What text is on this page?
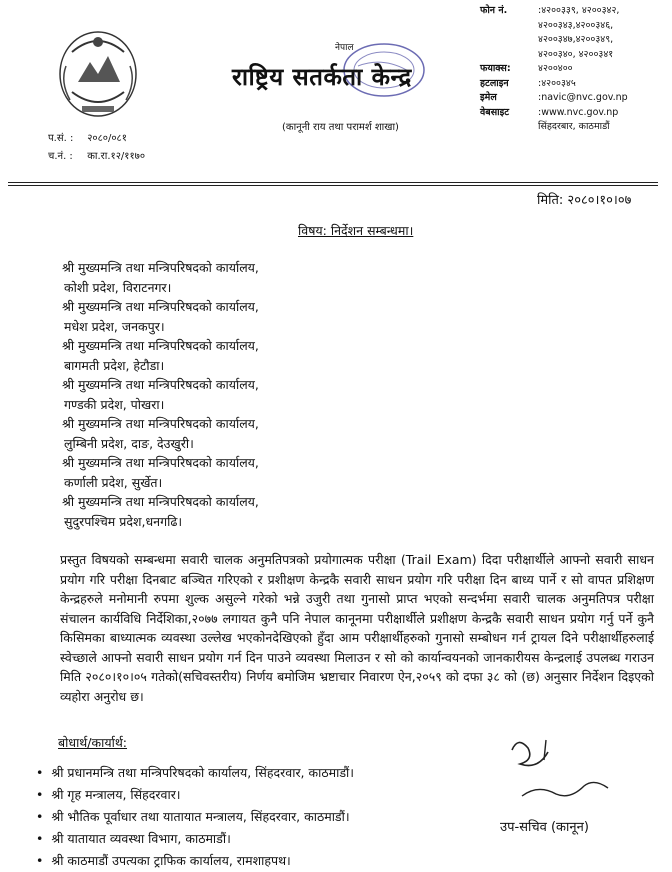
नेपाल
राष्ट्रिय सतर्कता केन्द्र
(कानूनी राय तथा परामर्श शाखा)
फोन नं.	:४२००३३९, ४२००३४२,
४२००३४३,४२००३४६,
४२००३४७,४२००३४९,
४२००३४०, ४२००३४१
फयाक्स:	४२००४००
हटलाइन	:४२००३४५
इमेल	:navic@nvc.gov.np
वेबसाइट	:www.nvc.gov.np
सिंहदरबार, काठमाडौं
प.सं. : २०८०/०८१
च.नं. : का.रा.१२/११७०
मिति: २०८०।१०।०७
विषय: निर्देशन सम्बन्धमा।
श्री मुख्यमन्त्रि तथा मन्त्रिपरिषदको कार्यालय,
कोशी प्रदेश, विराटनगर।
श्री मुख्यमन्त्रि तथा मन्त्रिपरिषदको कार्यालय,
मधेश प्रदेश, जनकपुर।
श्री मुख्यमन्त्रि तथा मन्त्रिपरिषदको कार्यालय,
बागमती प्रदेश, हेटौडा।
श्री मुख्यमन्त्रि तथा मन्त्रिपरिषदको कार्यालय,
गण्डकी प्रदेश, पोखरा।
श्री मुख्यमन्त्रि तथा मन्त्रिपरिषदको कार्यालय,
लुम्बिनी प्रदेश, दाङ, देउखुरी।
श्री मुख्यमन्त्रि तथा मन्त्रिपरिषदको कार्यालय,
कर्णाली प्रदेश, सुर्खेत।
श्री मुख्यमन्त्रि तथा मन्त्रिपरिषदको कार्यालय,
सुदुरपश्चिम प्रदेश,धनगढि।

प्रस्तुत विषयको सम्बन्धमा सवारी चालक अनुमतिपत्रको प्रयोगात्मक परीक्षा (Trail Exam) दिदा परीक्षार्थीले आफ्नो सवारी साधन प्रयोग गरि परीक्षा दिनबाट बञ्चित गरिएको र प्रशीक्षण केन्द्रकै सवारी साधन प्रयोग गरि परीक्षा दिन बाध्य पार्ने र सो वापत प्रशिक्षण केन्द्रहरुले मनोमानी रुपमा शुल्क असुल्ने गरेको भन्ने उजुरी तथा गुनासो प्राप्त भएको सन्दर्भमा सवारी चालक अनुमतिपत्र परीक्षा संचालन कार्यविधि निर्देशिका,२०७७ लगायत कुनै पनि नेपाल कानूनमा परीक्षार्थीले प्रशीक्षण केन्द्रकै सवारी साधन प्रयोग गर्नु पर्ने कुनै किसिमका बाध्यात्मक व्यवस्था उल्लेख भएकोनदेखिएको हुँदा आम परीक्षार्थीहरुको गुनासो सम्बोधन गर्न ट्रायल दिने परीक्षार्थीहरुलाई स्वेच्छाले आफ्नो सवारी साधन प्रयोग गर्न दिन पाउने व्यवस्था मिलाउन र सो को कार्यान्वयनको जानकारीयस केन्द्रलाई उपलब्ध गराउन मिति २०८०।१०।०५ गतेको(सचिवस्तरीय) निर्णय बमोजिम भ्रष्टाचार निवारण ऐन,२०५९ को दफा ३८ को (छ) अनुसार निर्देशन दिइएको व्यहोरा अनुरोध छ।

बोधार्थ/कार्यार्थ:
• श्री प्रधानमन्त्रि तथा मन्त्रिपरिषदको कार्यालय, सिंहदरवार, काठमाडौं।
• श्री गृह मन्त्रालय, सिंहदरवार।
• श्री भौतिक पूर्वाधार तथा यातायात मन्त्रालय, सिंहदरवार, काठमाडौं।
• श्री यातायात व्यवस्था विभाग, काठमाडौं।
• श्री काठमाडौं उपत्यका ट्राफिक कार्यालय, रामशाहपथ।
उप-सचिव (कानून)
